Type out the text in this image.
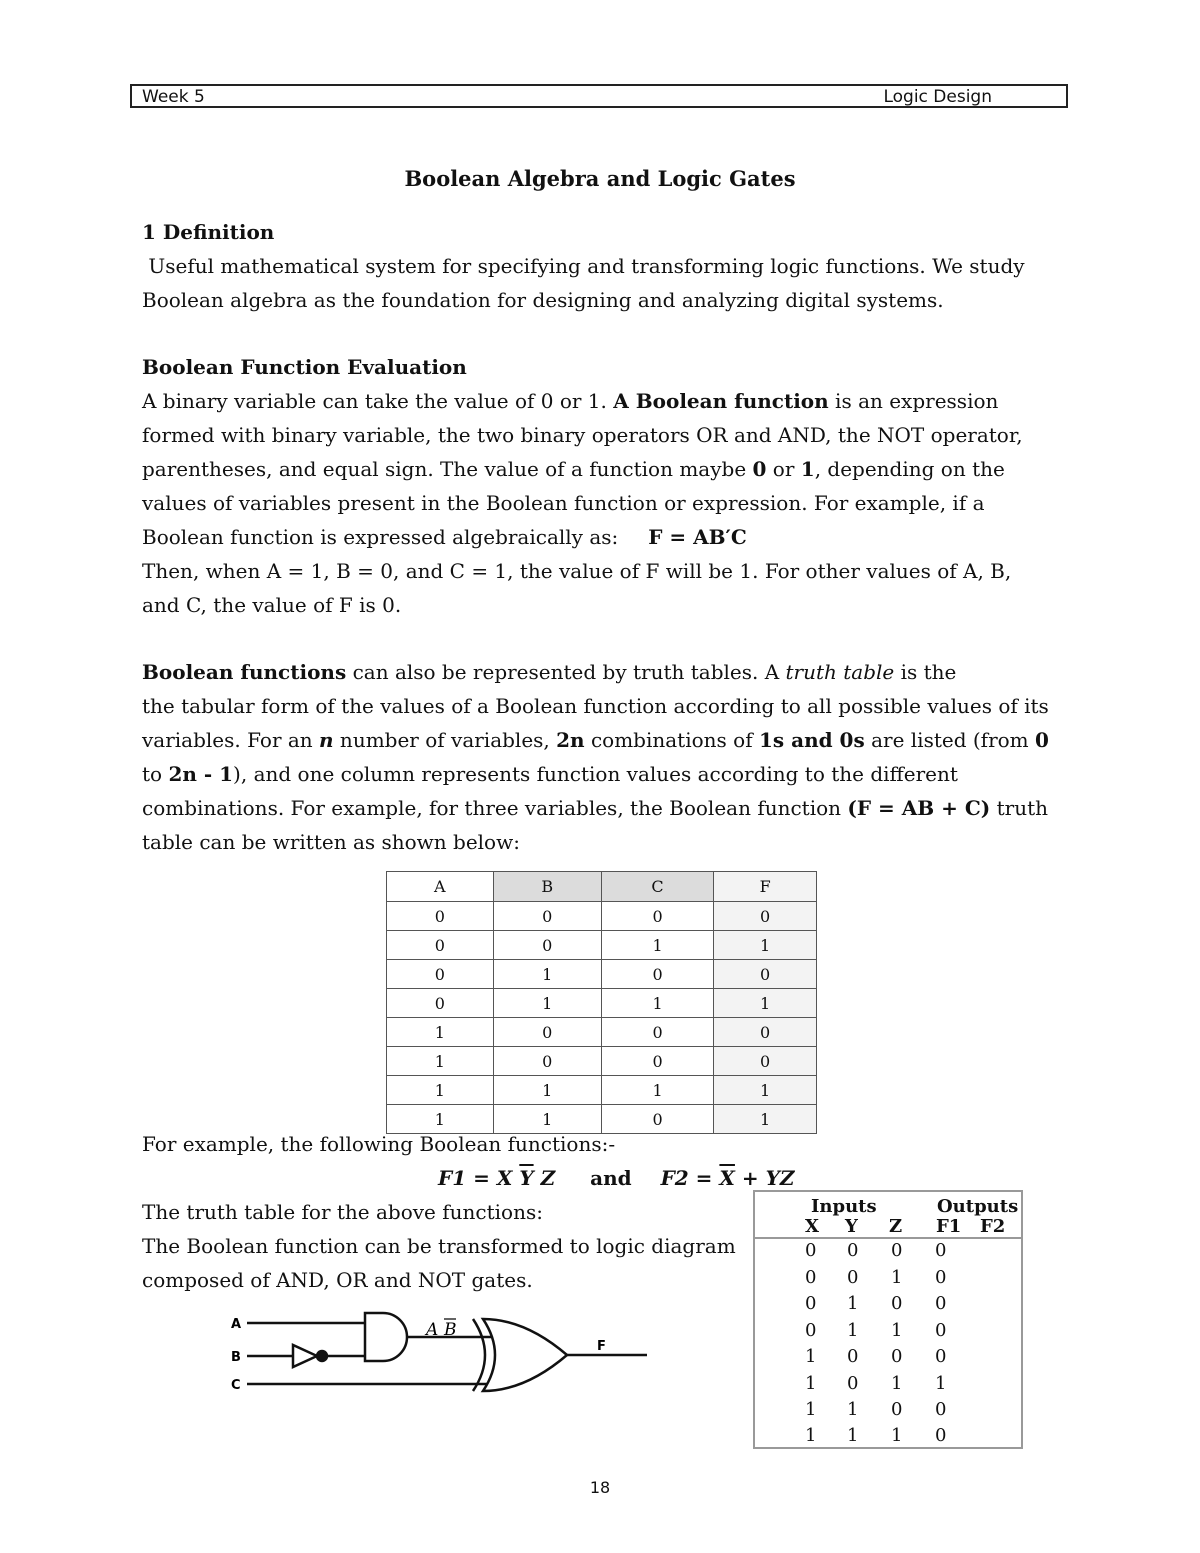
Week 5	Logic Design
Boolean Algebra and Logic Gates
1 Definition
Useful mathematical system for specifying and transforming logic functions. We study
Boolean algebra as the foundation for designing and analyzing digital systems.
Boolean Function Evaluation
A binary variable can take the value of 0 or 1. A Boolean function is an expression
formed with binary variable, the two binary operators OR and AND, the NOT operator,
parentheses, and equal sign. The value of a function maybe 0 or 1, depending on the
values of variables present in the Boolean function or expression. For example, if a
Boolean function is expressed algebraically as: F = AB′C
Then, when A = 1, B = 0, and C = 1, the value of F will be 1. For other values of A, B,
and C, the value of F is 0.
Boolean functions can also be represented by truth tables. A truth table is the
the tabular form of the values of a Boolean function according to all possible values of its
variables. For an n number of variables, 2n combinations of 1s and 0s are listed (from 0
to 2n - 1), and one column represents function values according to the different
combinations. For example, for three variables, the Boolean function (F = AB + C) truth
table can be written as shown below:
A	B	C	F
0	0	0	0
0	0	1	1
0	1	0	0
0	1	1	1
1	0	0	0
1	0	0	0
1	1	1	1
1	1	0	1
For example, the following Boolean functions:-
F1 = X $\overline{Y}$ Z and $F2 = \overline{X}$ + YZ
The truth table for the above functions:
The Boolean function can be transformed to logic diagram
composed of AND, OR and NOT gates.
Inputs	Outputs
X Y Z F1 F2
0 0 0 0
0 0 1 0
0 1 0 0
0 1 1 0
1 0 0 0
1 0 1 1
1 1 0 0
1 1 1 0
A
B
C
F
A B
18
